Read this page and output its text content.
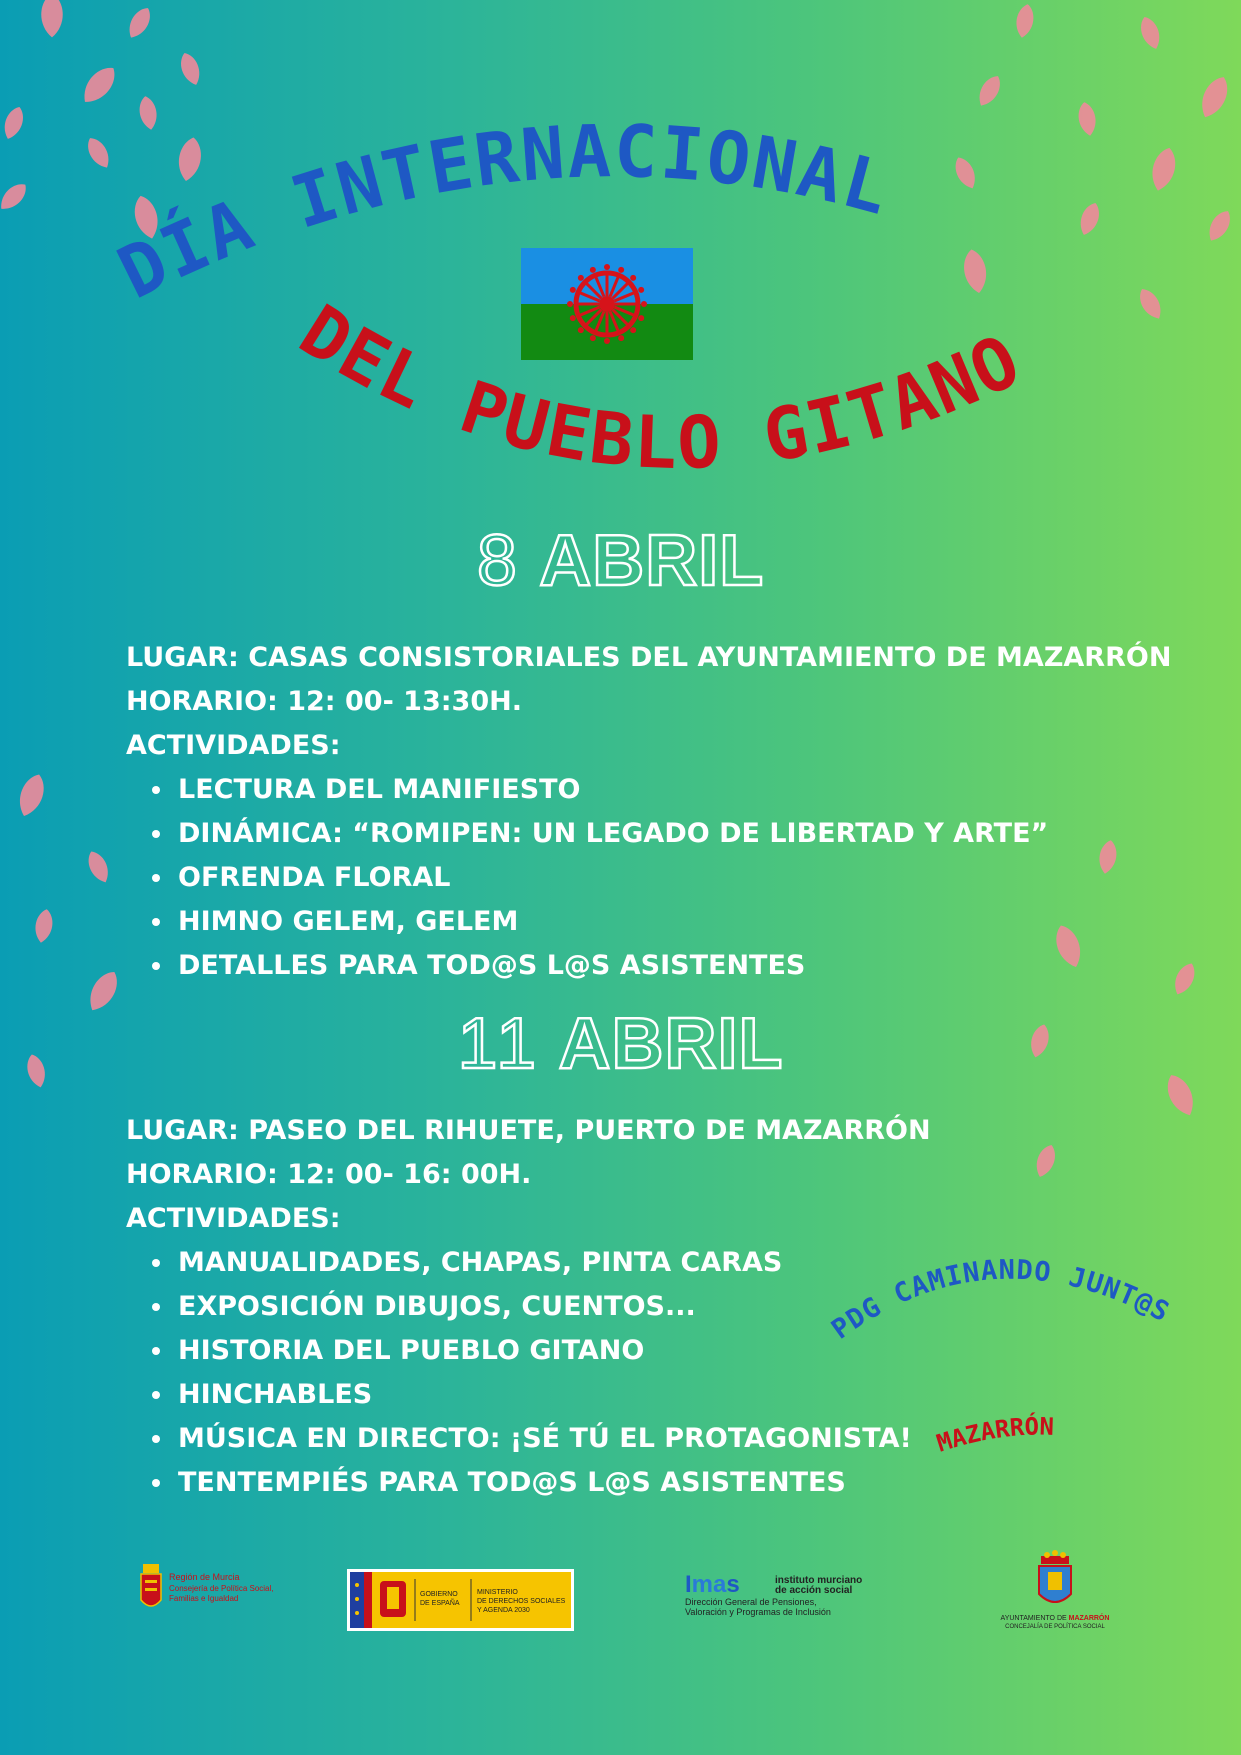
DÍA INTERNACIONAL
DEL PUEBLO GITANO
8 ABRIL
LUGAR: CASAS CONSISTORIALES DEL AYUNTAMIENTO DE MAZARRÓN
HORARIO: 12: 00- 13:30H.
ACTIVIDADES:
LECTURA DEL MANIFIESTO
DINÁMICA: “ROMIPEN: UN LEGADO DE LIBERTAD Y ARTE”
OFRENDA FLORAL
HIMNO GELEM, GELEM
DETALLES PARA TOD@S L@S ASISTENTES
11 ABRIL
LUGAR: PASEO DEL RIHUETE, PUERTO DE MAZARRÓN
HORARIO: 12: 00- 16: 00H.
ACTIVIDADES:
MANUALIDADES, CHAPAS, PINTA CARAS
EXPOSICIÓN DIBUJOS, CUENTOS...
HISTORIA DEL PUEBLO GITANO
HINCHABLES
MÚSICA EN DIRECTO: ¡SÉ TÚ EL PROTAGONISTA!
TENTEMPIÉS PARA TOD@S L@S ASISTENTES
PDG CAMINANDO JUNT@S
MAZARRÓN
Región de Murcia
Consejería de Política Social,
Familias e Igualdad	GOBIERNO
DE ESPAÑA
MINISTERIO
DE DERECHOS SOCIALES
Y AGENDA 2030
Imas	instituto murciano
de acción social
Dirección General de Pensiones,
Valoración y Programas de Inclusión
AYUNTAMIENTO DE MAZARRÓN
CONCEJALÍA DE POLÍTICA SOCIAL
